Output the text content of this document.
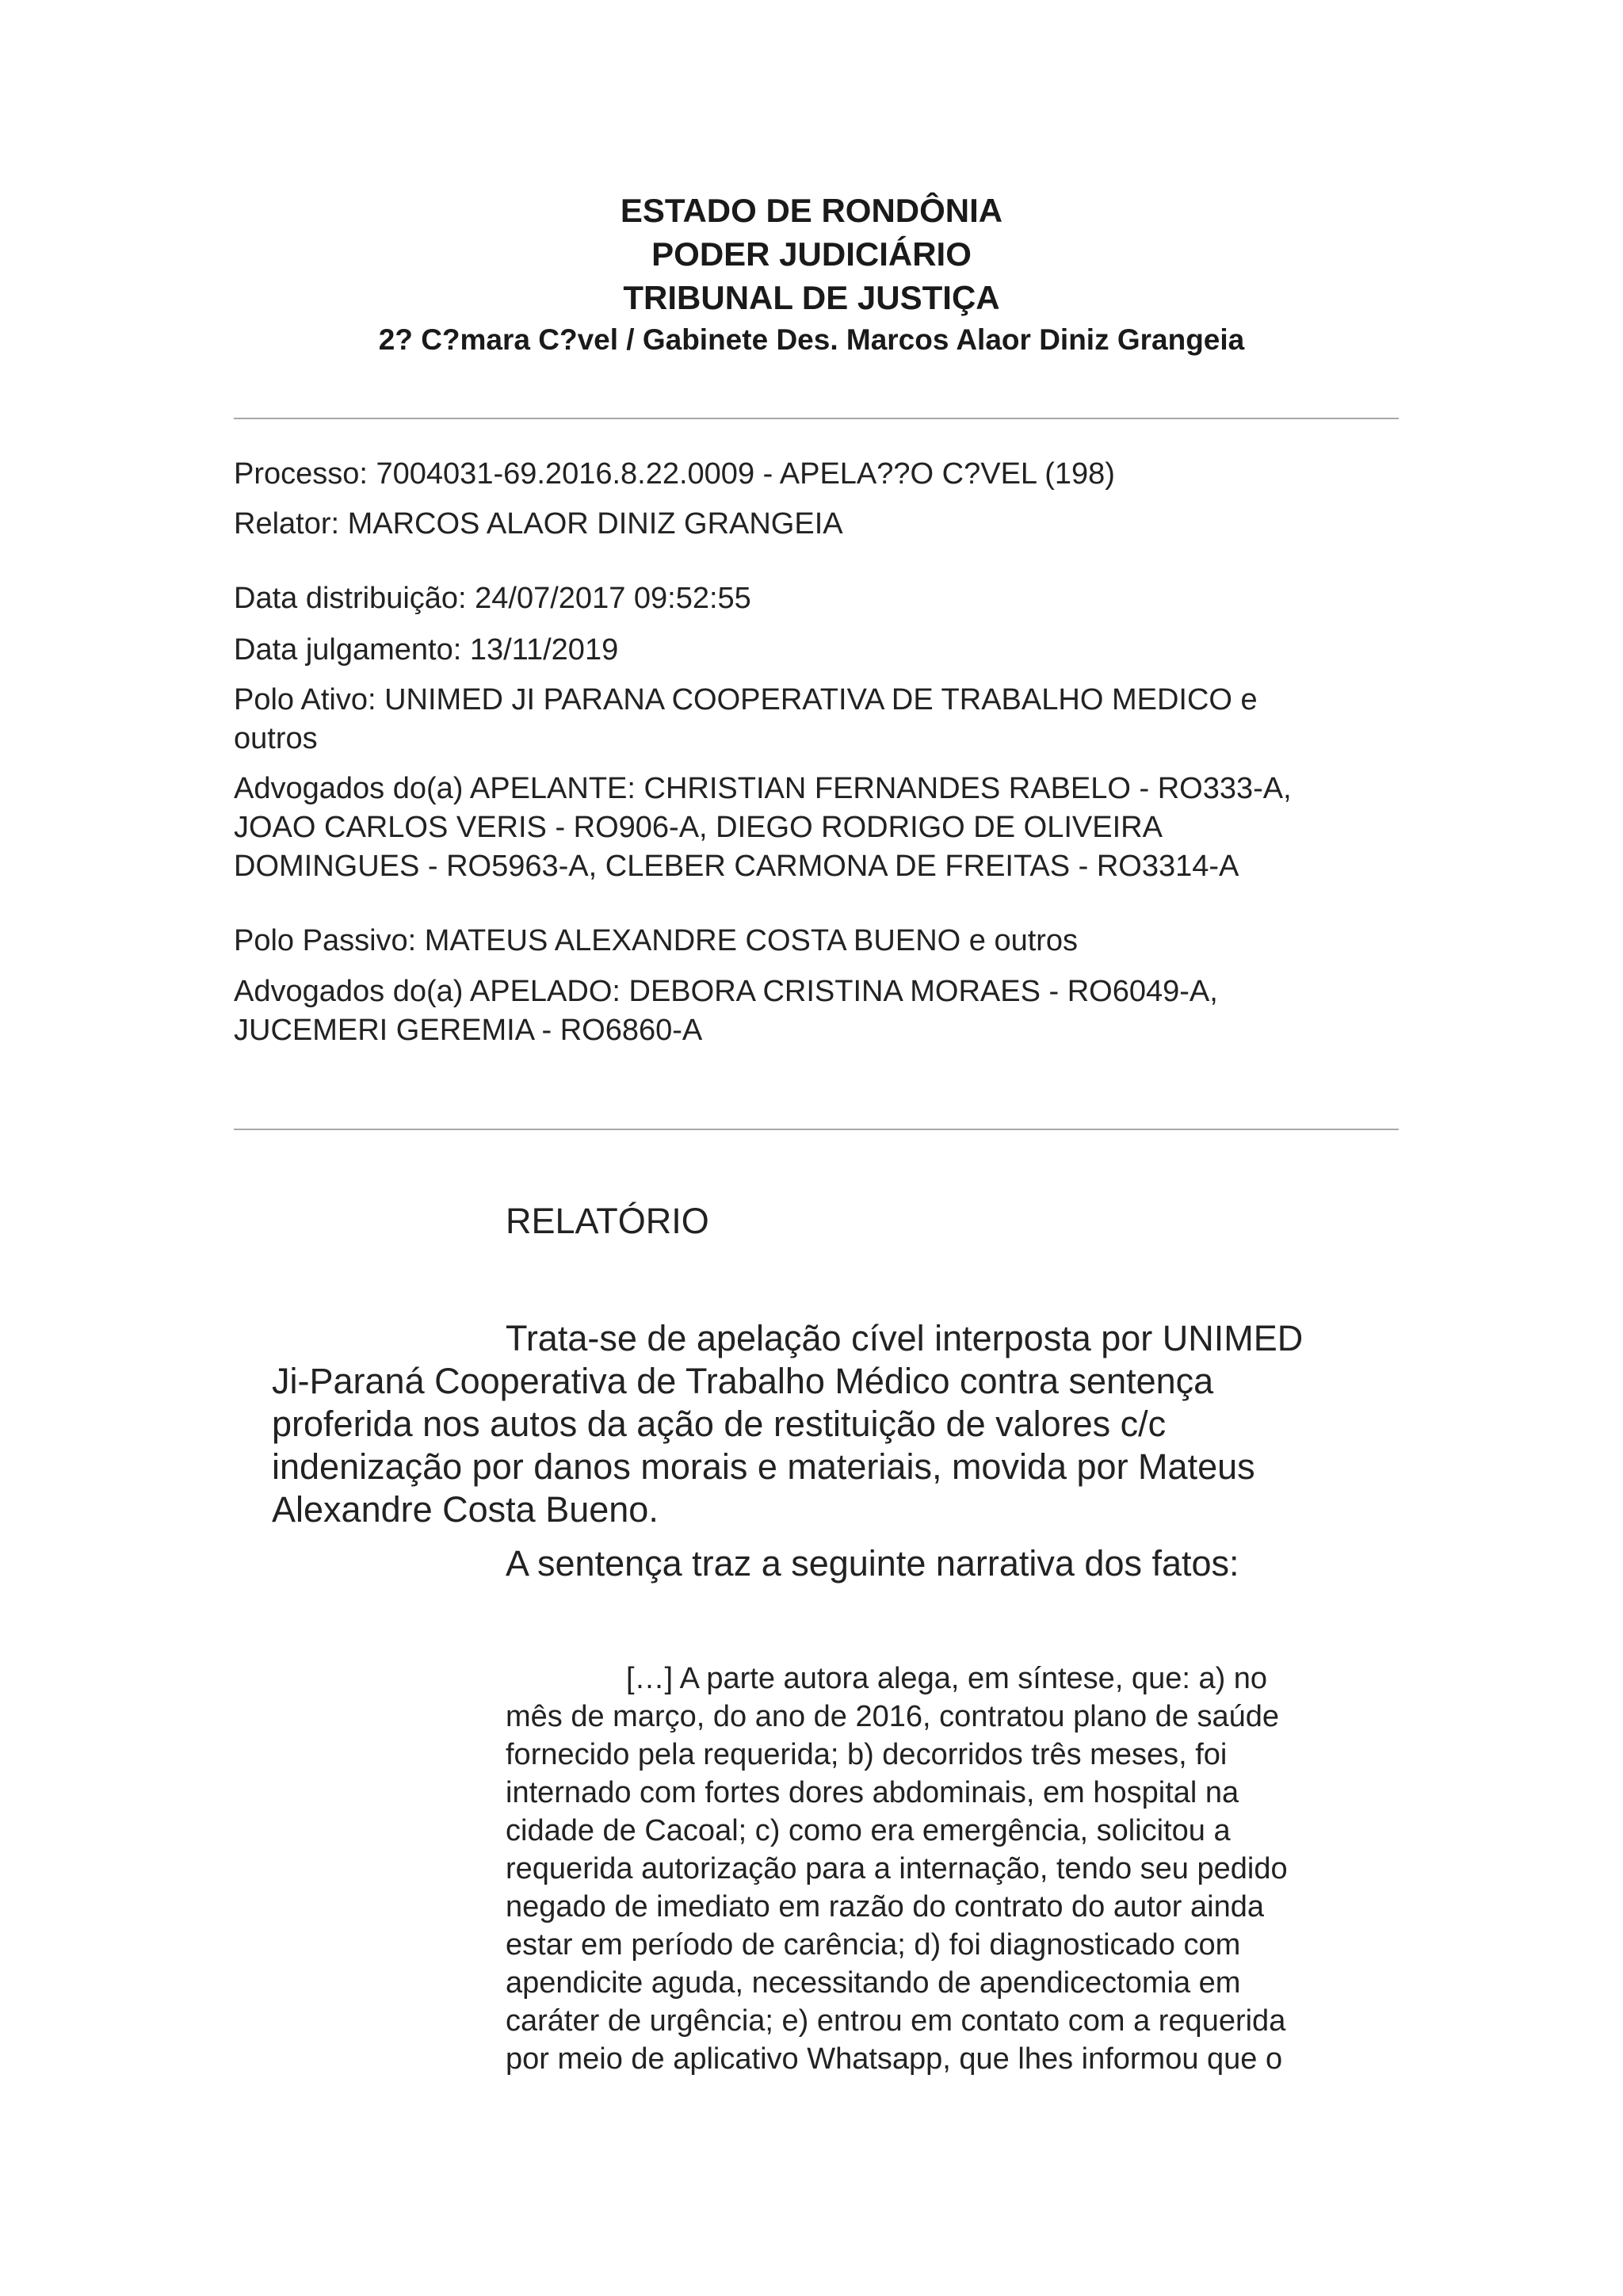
ESTADO DE RONDÔNIA
PODER JUDICIÁRIO
TRIBUNAL DE JUSTIÇA
2? C?mara C?vel / Gabinete Des. Marcos Alaor Diniz Grangeia
Processo: 7004031-69.2016.8.22.0009 - APELA??O C?VEL (198)
Relator: MARCOS ALAOR DINIZ GRANGEIA
Data distribuição: 24/07/2017 09:52:55
Data julgamento: 13/11/2019
Polo Ativo: UNIMED JI PARANA COOPERATIVA DE TRABALHO MEDICO e
outros
Advogados do(a) APELANTE: CHRISTIAN FERNANDES RABELO - RO333-A,
JOAO CARLOS VERIS - RO906-A, DIEGO RODRIGO DE OLIVEIRA
DOMINGUES - RO5963-A, CLEBER CARMONA DE FREITAS - RO3314-A
Polo Passivo: MATEUS ALEXANDRE COSTA BUENO e outros
Advogados do(a) APELADO: DEBORA CRISTINA MORAES - RO6049-A,
JUCEMERI GEREMIA - RO6860-A
RELATÓRIO
Trata-se de apelação cível interposta por UNIMED
Ji-Paraná Cooperativa de Trabalho Médico contra sentença
proferida nos autos da ação de restituição de valores c/c
indenização por danos morais e materiais, movida por Mateus
Alexandre Costa Bueno.
A sentença traz a seguinte narrativa dos fatos:
[…] A parte autora alega, em síntese, que: a) no
mês de março, do ano de 2016, contratou plano de saúde
fornecido pela requerida; b) decorridos três meses, foi
internado com fortes dores abdominais, em hospital na
cidade de Cacoal; c) como era emergência, solicitou a
requerida autorização para a internação, tendo seu pedido
negado de imediato em razão do contrato do autor ainda
estar em período de carência; d) foi diagnosticado com
apendicite aguda, necessitando de apendicectomia em
caráter de urgência; e) entrou em contato com a requerida
por meio de aplicativo Whatsapp, que lhes informou que o
